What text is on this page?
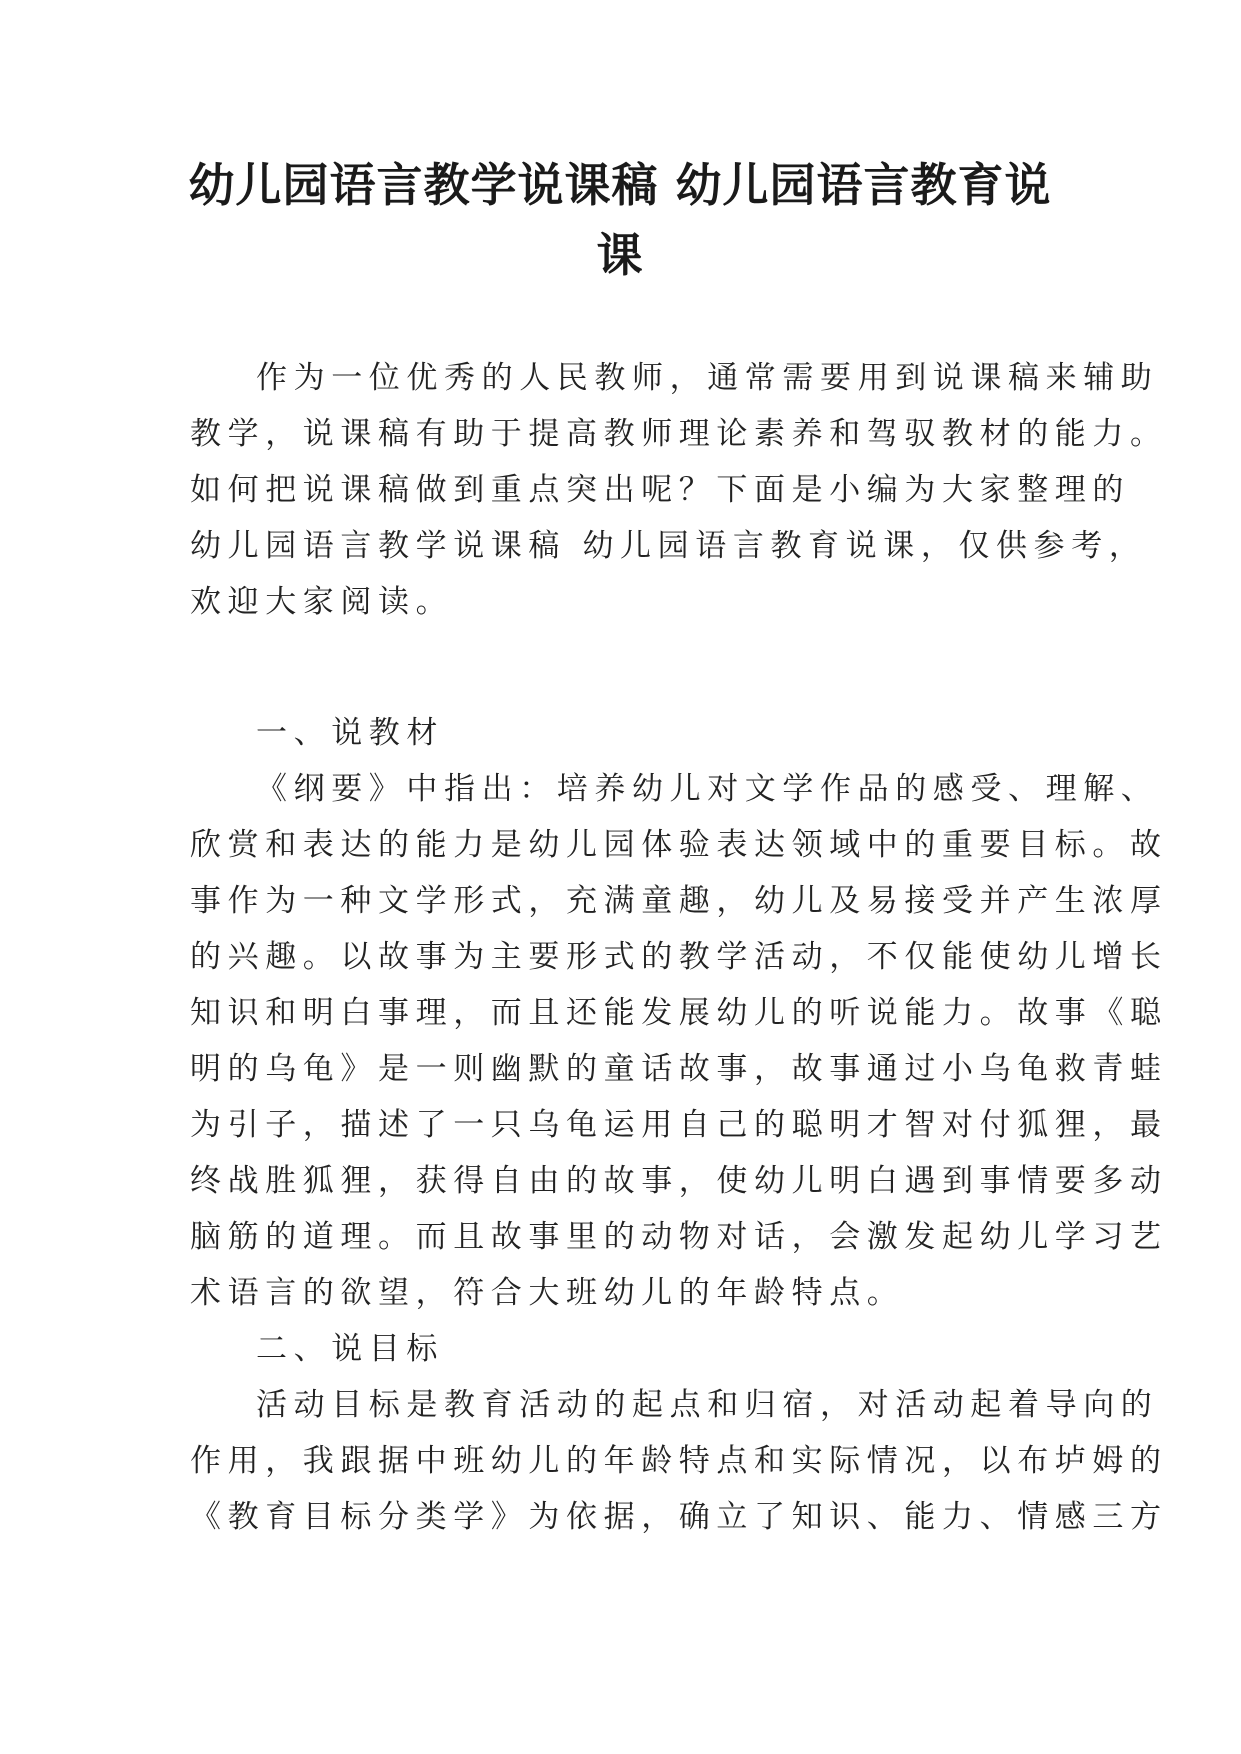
幼儿园语言教学说课稿 幼儿园语言教育说
课
作为一位优秀的人民教师，通常需要用到说课稿来辅助
教学，说课稿有助于提高教师理论素养和驾驭教材的能力。
如何把说课稿做到重点突出呢？下面是小编为大家整理的
幼儿园语言教学说课稿 幼儿园语言教育说课，仅供参考，
欢迎大家阅读。
一、说教材
《纲要》中指出：培养幼儿对文学作品的感受、理解、
欣赏和表达的能力是幼儿园体验表达领域中的重要目标。故
事作为一种文学形式，充满童趣，幼儿及易接受并产生浓厚
的兴趣。以故事为主要形式的教学活动，不仅能使幼儿增长
知识和明白事理，而且还能发展幼儿的听说能力。故事《聪
明的乌龟》是一则幽默的童话故事，故事通过小乌龟救青蛙
为引子，描述了一只乌龟运用自己的聪明才智对付狐狸，最
终战胜狐狸，获得自由的故事，使幼儿明白遇到事情要多动
脑筋的道理。而且故事里的动物对话，会激发起幼儿学习艺
术语言的欲望，符合大班幼儿的年龄特点。
二、说目标
活动目标是教育活动的起点和归宿，对活动起着导向的
作用，我跟据中班幼儿的年龄特点和实际情况，以布垆姆的
《教育目标分类学》为依据，确立了知识、能力、情感三方
